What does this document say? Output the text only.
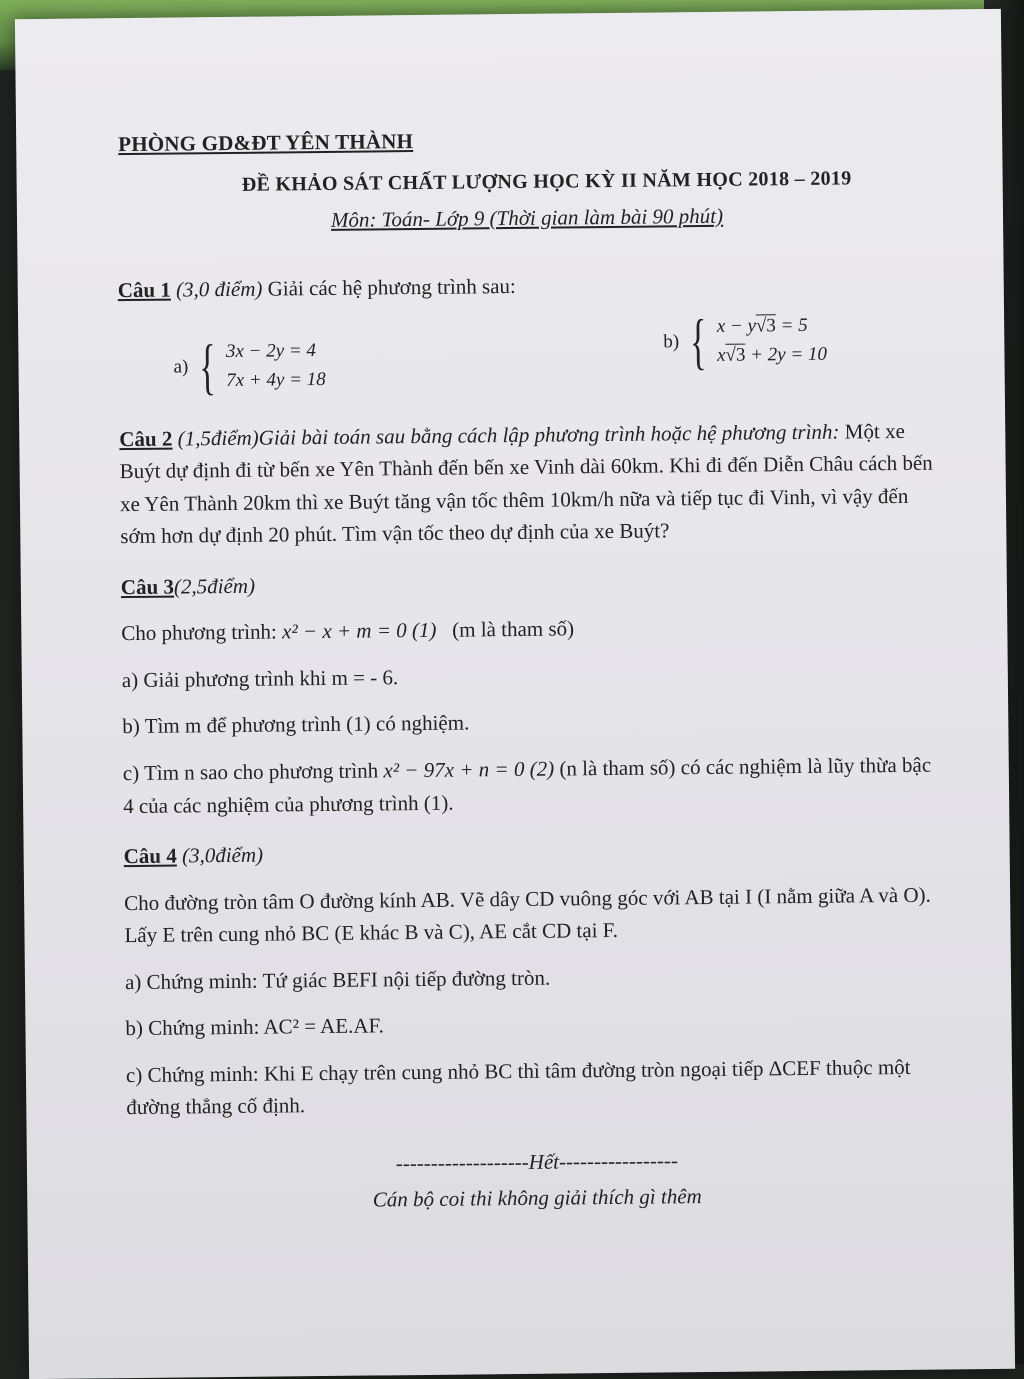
PHÒNG GD&ĐT YÊN THÀNH
ĐỀ KHẢO SÁT CHẤT LƯỢNG HỌC KỲ II NĂM HỌC 2018 – 2019
Môn: Toán- Lớp 9 (Thời gian làm bài 90 phút)

Câu 1 (3,0 điểm) Giải các hệ phương trình sau:

a) { 3x − 2y = 4
7x + 4y = 18
b) { x − y√3 = 5
x√3 + 2y = 10

Câu 2 (1,5điểm)Giải bài toán sau bằng cách lập phương trình hoặc hệ phương trình: Một xe Buýt dự định đi từ bến xe Yên Thành đến bến xe Vinh dài 60km. Khi đi đến Diễn Châu cách bến xe Yên Thành 20km thì xe Buýt tăng vận tốc thêm 10km/h nữa và tiếp tục đi Vinh, vì vậy đến sớm hơn dự định 20 phút. Tìm vận tốc theo dự định của xe Buýt?

Câu 3(2,5điểm)

Cho phương trình: x² − x + m = 0 (1) (m là tham số)

a) Giải phương trình khi m = - 6.

b) Tìm m để phương trình (1) có nghiệm.

c) Tìm n sao cho phương trình x² − 97x + n = 0 (2) (n là tham số) có các nghiệm là lũy thừa bậc 4 của các nghiệm của phương trình (1).

Câu 4 (3,0điểm)

Cho đường tròn tâm O đường kính AB. Vẽ dây CD vuông góc với AB tại I (I nằm giữa A và O). Lấy E trên cung nhỏ BC (E khác B và C), AE cắt CD tại F.

a) Chứng minh: Tứ giác BEFI nội tiếp đường tròn.

b) Chứng minh: AC² = AE.AF.

c) Chứng minh: Khi E chạy trên cung nhỏ BC thì tâm đường tròn ngoại tiếp ΔCEF thuộc một đường thẳng cố định.

-------------------Hết-----------------
Cán bộ coi thi không giải thích gì thêm
